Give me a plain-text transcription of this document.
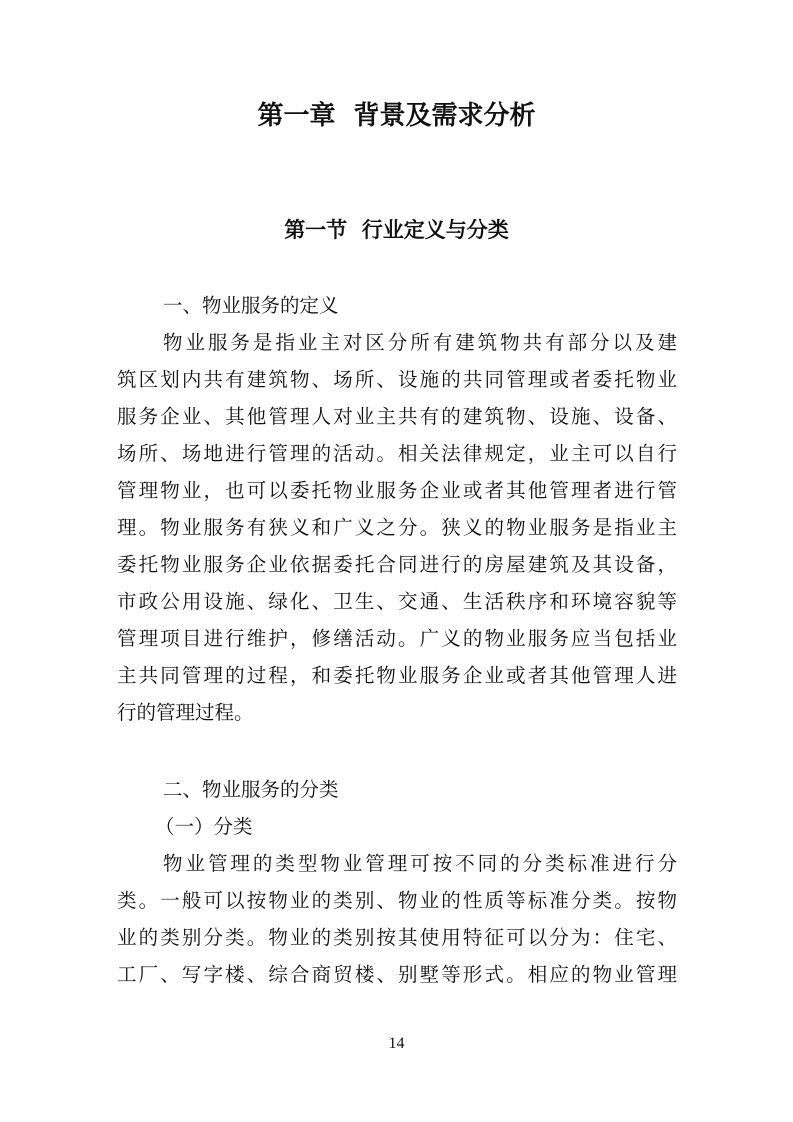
第一章  背景及需求分析
第一节  行业定义与分类
一、物业服务的定义
物业服务是指业主对区分所有建筑物共有部分以及建
筑区划内共有建筑物、场所、设施的共同管理或者委托物业
服务企业、其他管理人对业主共有的建筑物、设施、设备、
场所、场地进行管理的活动。相关法律规定，业主可以自行
管理物业，也可以委托物业服务企业或者其他管理者进行管
理。物业服务有狭义和广义之分。狭义的物业服务是指业主
委托物业服务企业依据委托合同进行的房屋建筑及其设备，
市政公用设施、绿化、卫生、交通、生活秩序和环境容貌等
管理项目进行维护，修缮活动。广义的物业服务应当包括业
主共同管理的过程，和委托物业服务企业或者其他管理人进
行的管理过程。
二、物业服务的分类
（一）分类
物业管理的类型物业管理可按不同的分类标准进行分
类。一般可以按物业的类别、物业的性质等标准分类。按物
业的类别分类。物业的类别按其使用特征可以分为：住宅、
工厂、写字楼、综合商贸楼、别墅等形式。相应的物业管理
14
